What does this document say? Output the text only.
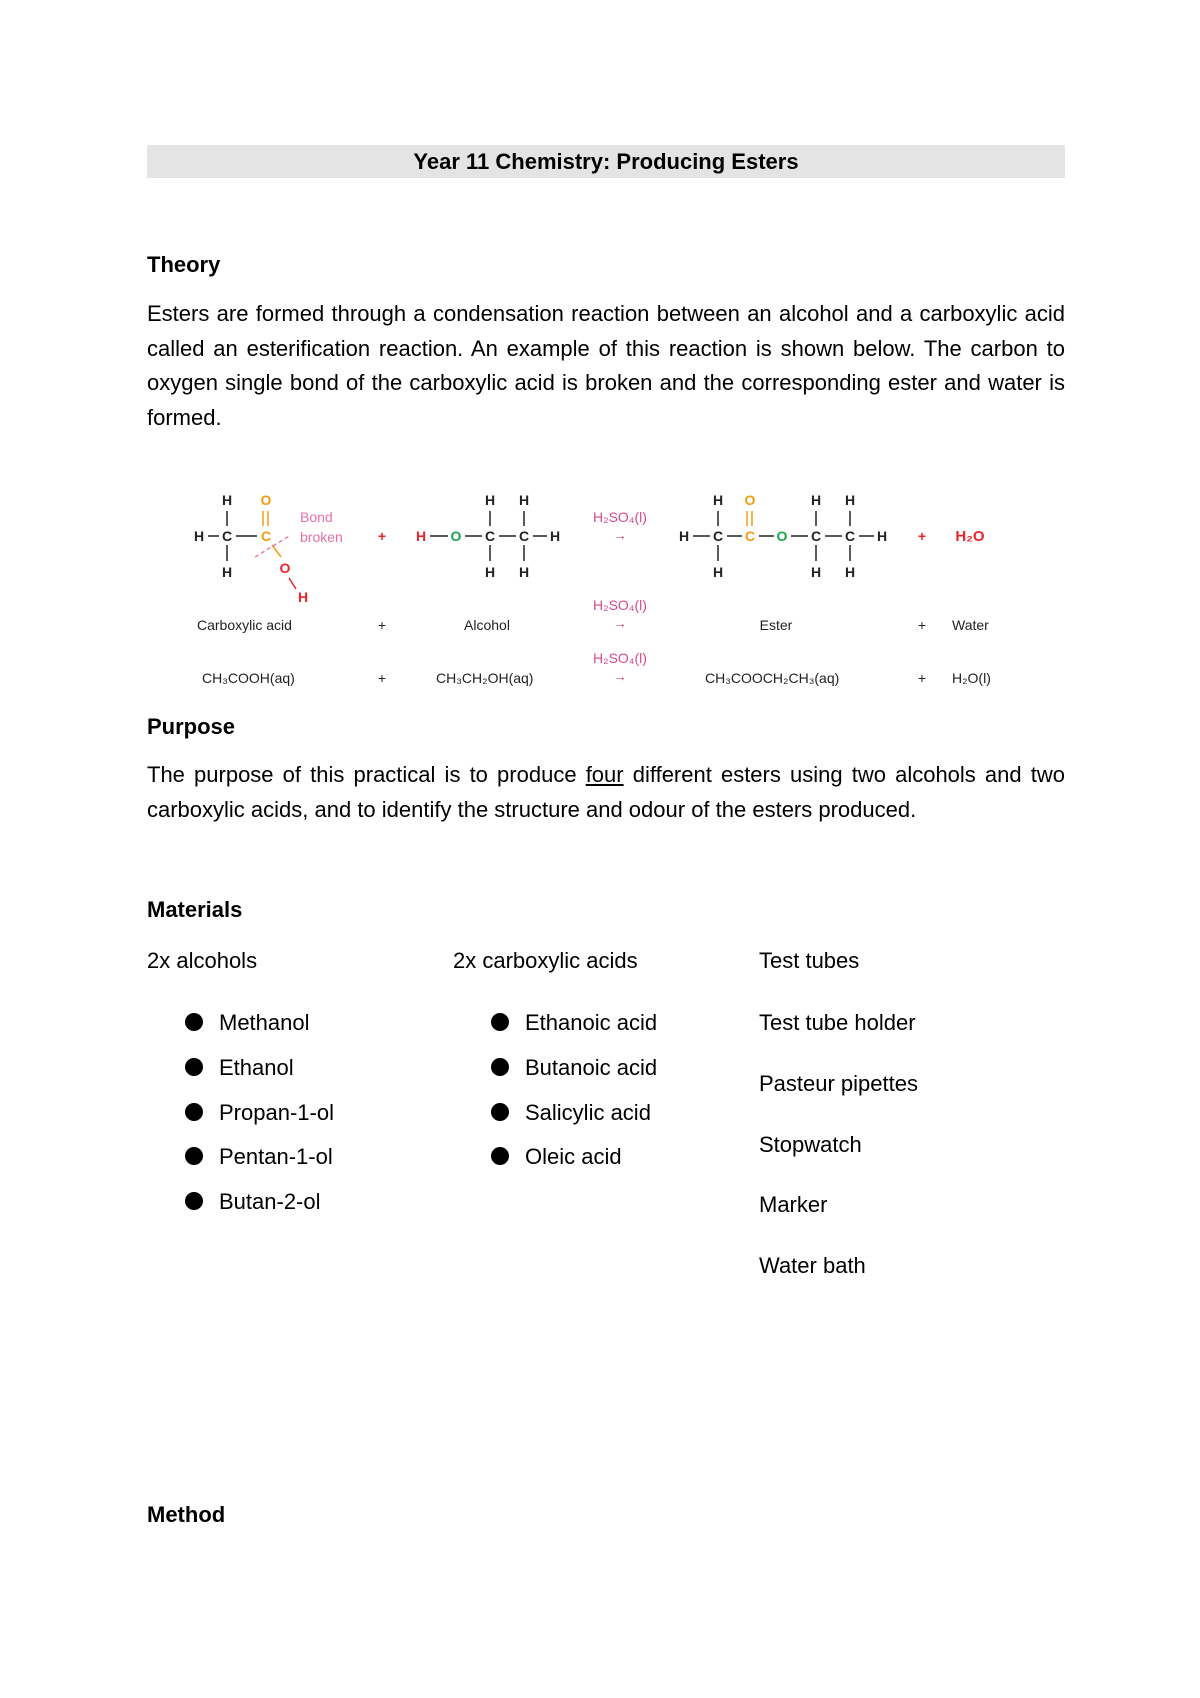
Year 11 Chemistry: Producing Esters
Theory

Esters are formed through a condensation reaction between an alcohol and a carboxylic acid called an esterification reaction. An example of this reaction is shown below. The carbon to oxygen single bond of the carboxylic acid is broken and the corresponding ester and water is formed.

H O
H C C
H	O
H
Bond
broken	+ H O C C H
H H
H H
H₂SO₄(l)
→
H₂SO₄(l)
→
H₂SO₄(l)
→
H C C O C C H
H O	H H
H	H H
+ H₂O
Carboxylic acid	+	Alcohol	Ester	+ Water
CH₃COOH(aq)	+	CH₃CH₂OH(aq)	CH₃COOCH₂CH₃(aq)	+ H₂O(l)
Purpose

The purpose of this practical is to produce four different esters using two alcohols and two carboxylic acids, and to identify the structure and odour of the esters produced.

Materials
2x alcohols
Methanol
Ethanol
Propan-1-ol
Pentan-1-ol
Butan-2-ol
2x carboxylic acids
Ethanoic acid
Butanoic acid
Salicylic acid
Oleic acid
Test tubes
Test tube holder
Pasteur pipettes
Stopwatch
Marker
Water bath
Method
